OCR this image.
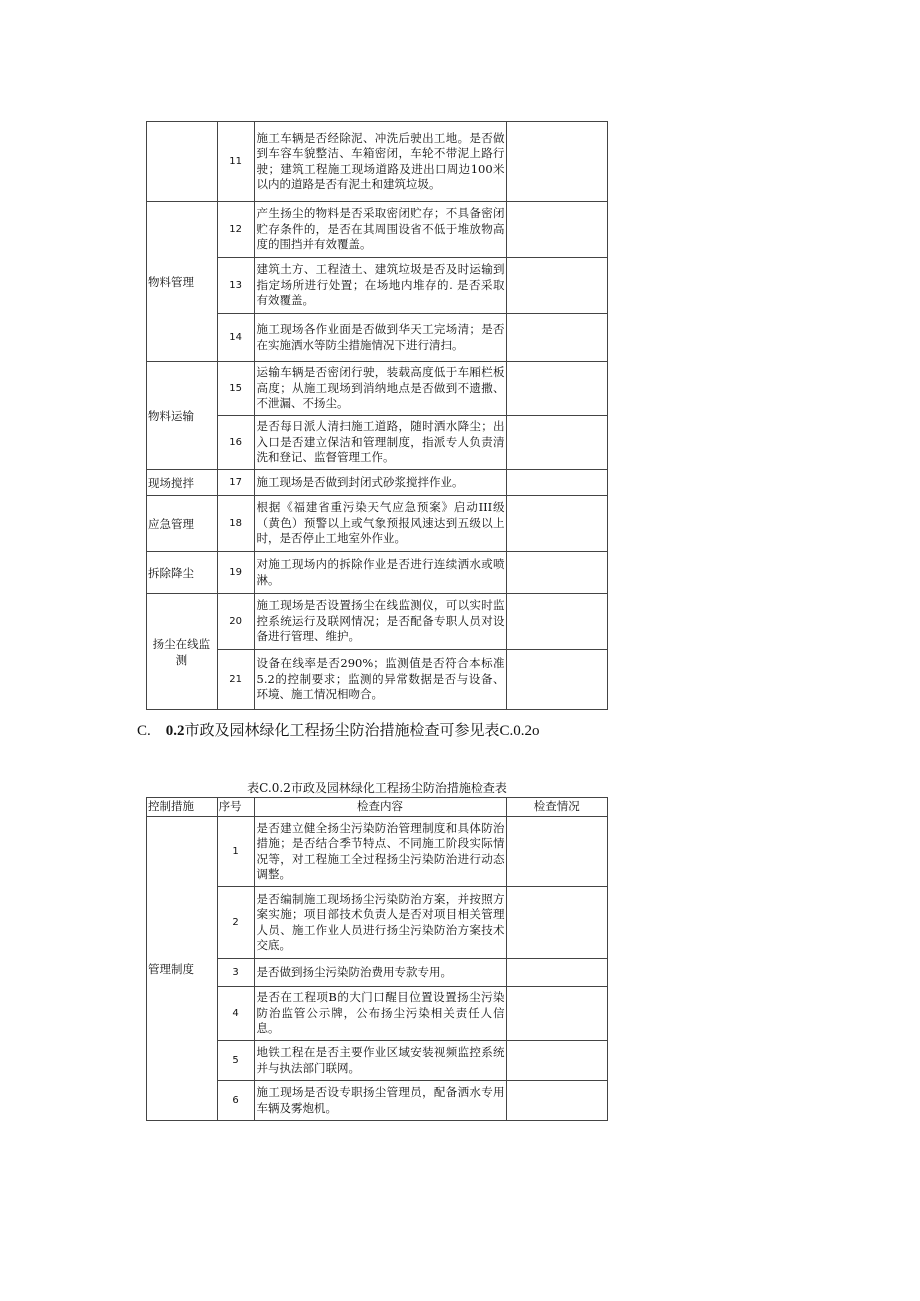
	11	施工车辆是否经除泥、冲洗后驶出工地。是否做到车容车貌整洁、车箱密闭，车轮不带泥上路行驶；建筑工程施工现场道路及进出口周边100米以内的道路是否有泥土和建筑垃圾。	
物料管理	12	产生扬尘的物料是否采取密闭贮存；不具备密闭贮存条件的，是否在其周围设省不低于堆放物高度的围挡并有效覆盖。	
	13	建筑土方、工程渣土、建筑垃圾是否及时运输到指定场所进行处置；在场地内堆存的. 是否采取有效覆盖。	
	14	施工现场各作业面是否做到华天工完场清；是否在实施洒水等防尘措施情况下进行清扫。	
物料运输	15	运输车辆是否密闭行驶，装载高度低于车厢栏板高度；从施工现场到消纳地点是否做到不遗撒、不泄漏、不扬尘。	
	16	是否每日派人清扫施工道路，随时洒水降尘；出入口是否建立保洁和管理制度，指派专人负责清洗和登记、监督管理工作。	
现场搅拌	17	施工现场是否做到封闭式砂浆搅拌作业。	
应急管理	18	根据《福建省重污染天气应急预案》启动III级（黄色）预警以上或气象预报风速达到五级以上时，是否停止工地室外作业。	
拆除降尘	19	对施工现场内的拆除作业是否进行连续洒水或喷淋。	
扬尘在线监测	20	施工现场是否设置扬尘在线监测仪，可以实时监控系统运行及联网情况；是否配备专职人员对设备进行管理、维护。	
	21	设备在线率是否290%；监测值是否符合本标准5.2的控制要求；监测的异常数据是否与设备、环境、施工情况相吻合。	
C. 0.2市政及园林绿化工程扬尘防治措施检查可参见表C.0.2o
表C.0.2市政及园林绿化工程扬尘防治措施检查表
控制措施	序号	检查内容	检查情况
管理制度	1	是否建立健全扬尘污染防治管理制度和具体防治措施；是否结合季节特点、不同施工阶段实际情况等，对工程施工全过程扬尘污染防治进行动态调整。	
	2	是否编制施工现场扬尘污染防治方案，并按照方案实施；项目部技术负责人是否对项目相关管理人员、施工作业人员进行扬尘污染防治方案技术交底。	
	3	是否做到扬尘污染防治费用专款专用。	
	4	是否在工程项B的大门口醒目位置设置扬尘污染防治监管公示牌，公布扬尘污染相关责任人信息。	
	5	地铁工程在是否主要作业区域安装视频监控系统并与执法部门联网。	
	6	施工现场是否设专职扬尘管理员，配备洒水专用车辆及雾炮机。	
